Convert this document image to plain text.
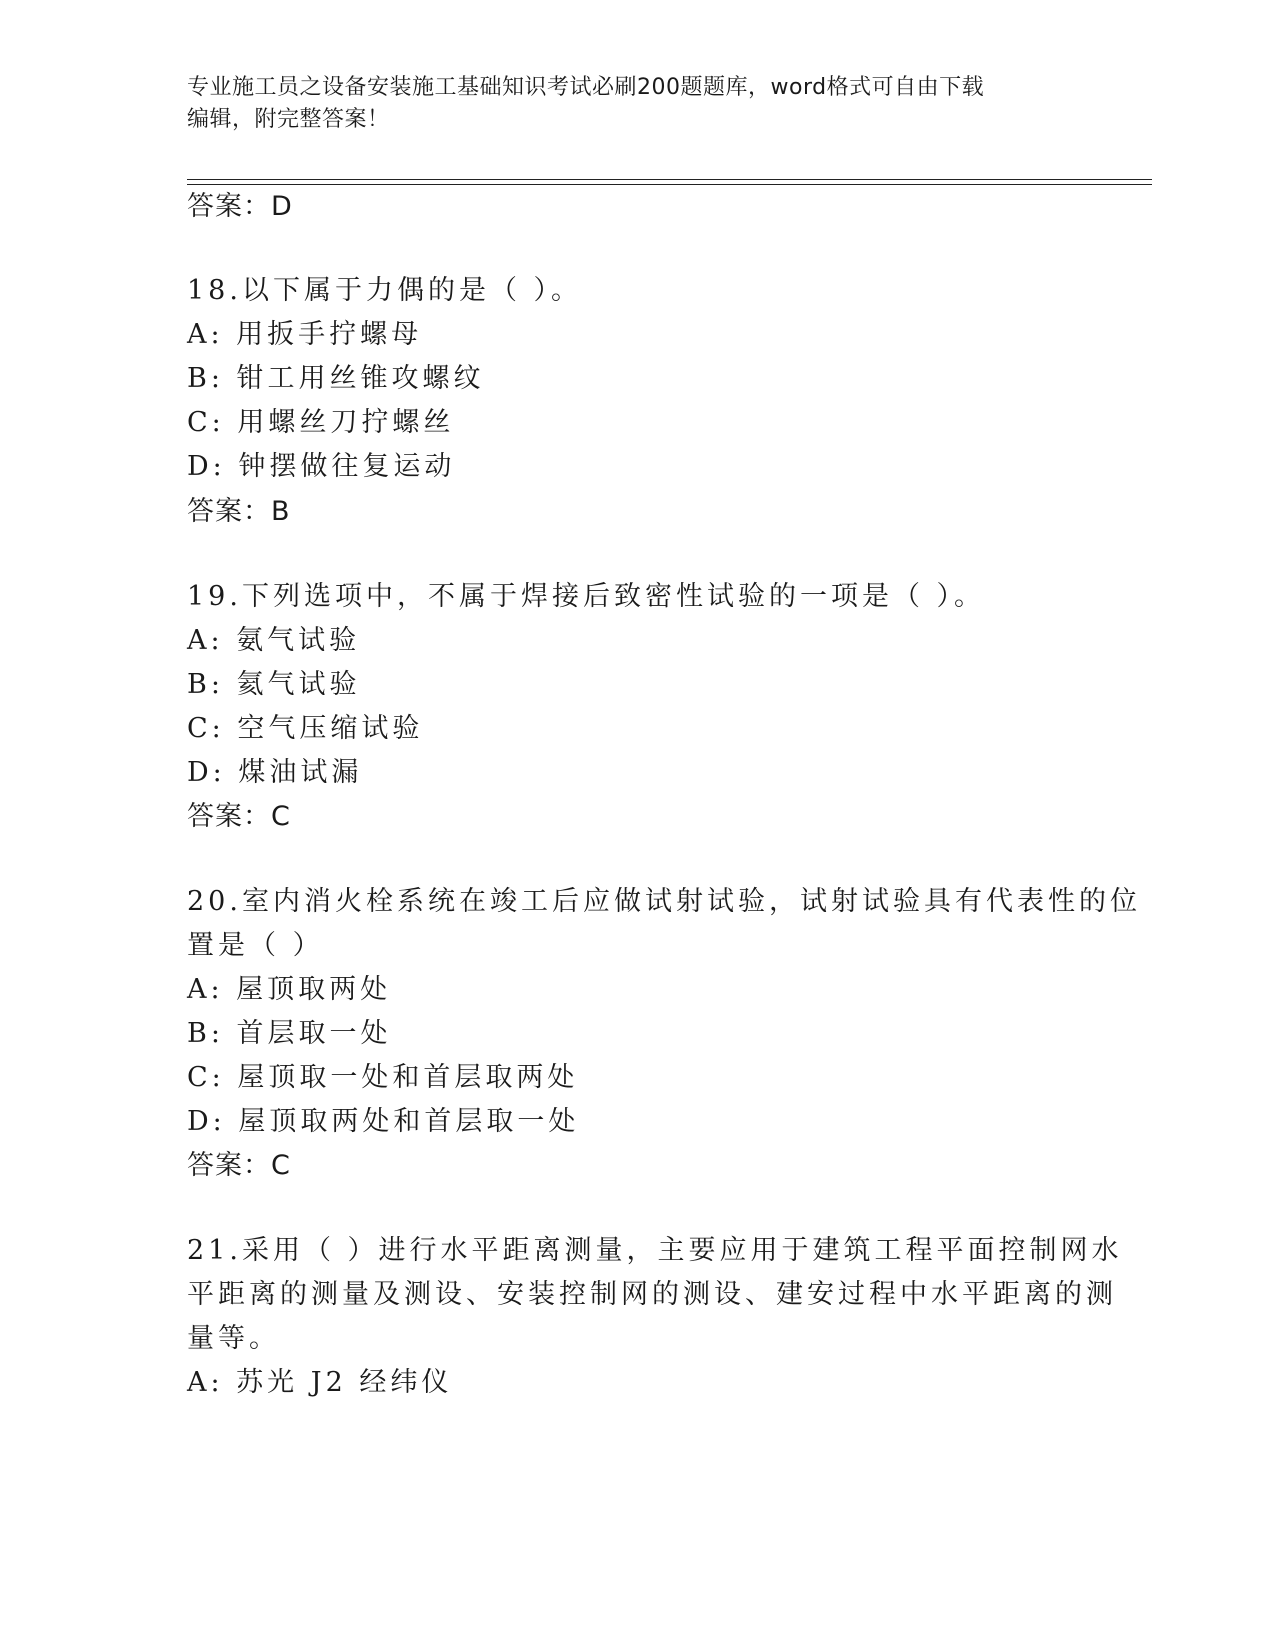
专业施工员之设备安装施工基础知识考试必刷200题题库，word格式可自由下载
编辑，附完整答案！
答案：D
18.以下属于力偶的是（ ）。
A: 用扳手拧螺母
B: 钳工用丝锥攻螺纹
C: 用螺丝刀拧螺丝
D: 钟摆做往复运动
答案：B
19.下列选项中，不属于焊接后致密性试验的一项是（ ）。
A: 氨气试验
B: 氦气试验
C: 空气压缩试验
D: 煤油试漏
答案：C
20.室内消火栓系统在竣工后应做试射试验，试射试验具有代表性的位
置是（ ）
A: 屋顶取两处
B: 首层取一处
C: 屋顶取一处和首层取两处
D: 屋顶取两处和首层取一处
答案：C
21.采用（ ）进行水平距离测量，主要应用于建筑工程平面控制网水
平距离的测量及测设、安装控制网的测设、建安过程中水平距离的测
量等。
A: 苏光 J2 经纬仪
